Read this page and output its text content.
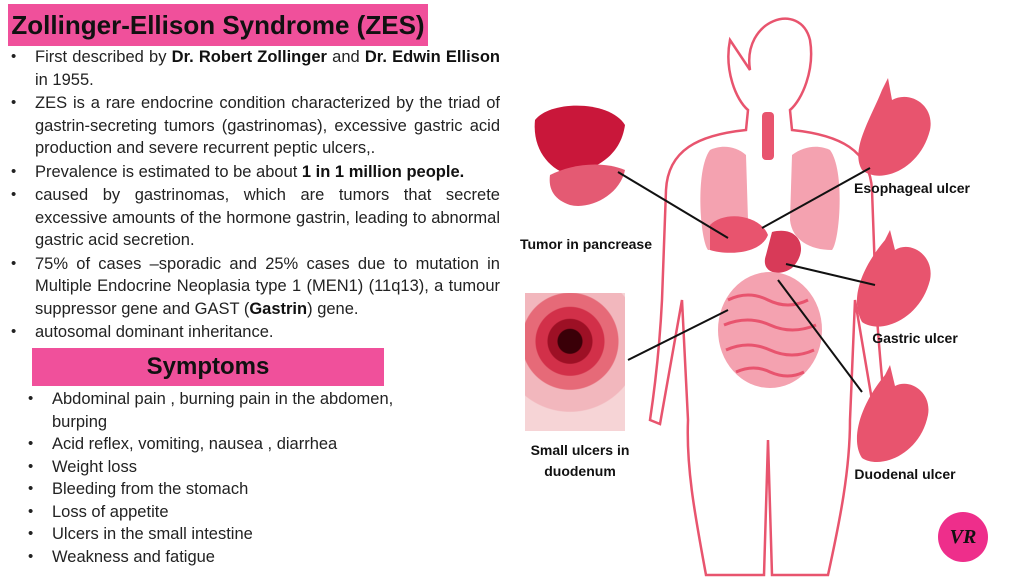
Zollinger-Ellison Syndrome (ZES)
• First described by Dr. Robert Zollinger and Dr. Edwin Ellison in 1955.
• ZES is a rare endocrine condition characterized by the triad of gastrin-secreting tumors (gastrinomas), excessive gastric acid production and severe recurrent peptic ulcers,.
• Prevalence is estimated to be about 1 in 1 million people.
• caused by gastrinomas, which are tumors that secrete excessive amounts of the hormone gastrin, leading to abnormal gastric acid secretion.
• 75% of cases –sporadic and 25% cases due to mutation in Multiple Endocrine Neoplasia type 1 (MEN1) (11q13), a tumour suppressor gene and GAST (Gastrin) gene.
• autosomal dominant inheritance.
Symptoms
• Abdominal pain , burning pain in the abdomen, burping
• Acid reflex, vomiting, nausea , diarrhea
• Weight loss
• Bleeding from the stomach
• Loss of appetite
• Ulcers in the small intestine
• Weakness and fatigue
Tumor in pancrease
Esophageal ulcer
Gastric ulcer
Duodenal ulcer
Small ulcers in
duodenum
VR
